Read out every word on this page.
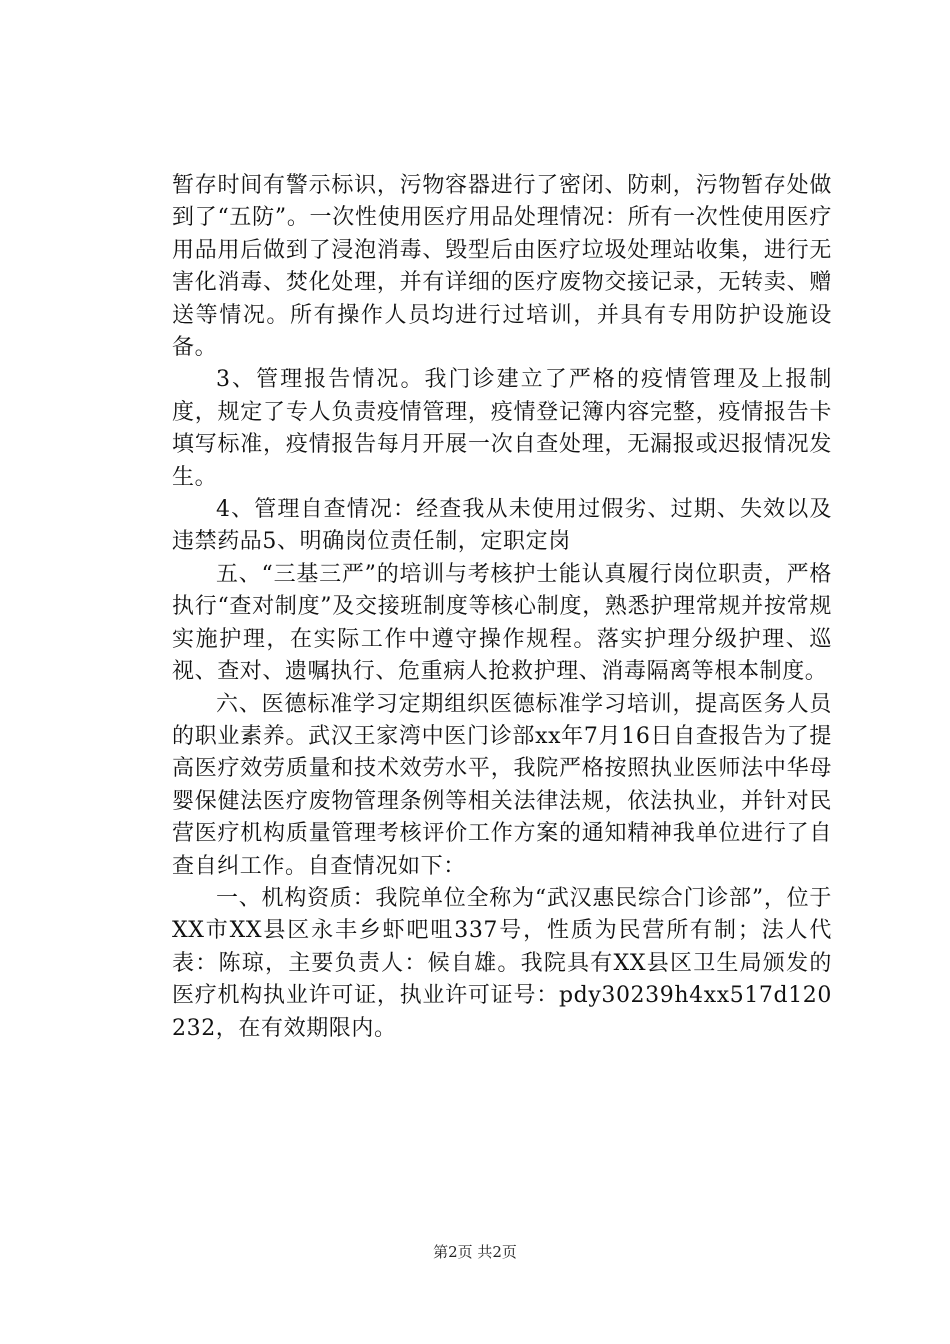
暂存时间有警示标识，污物容器进行了密闭、防刺，污物暂存处做到了“五防”。一次性使用医疗用品处理情况：所有一次性使用医疗用品用后做到了浸泡消毒、毁型后由医疗垃圾处理站收集，进行无害化消毒、焚化处理，并有详细的医疗废物交接记录，无转卖、赠送等情况。所有操作人员均进行过培训，并具有专用防护设施设备。

3、管理报告情况。我门诊建立了严格的疫情管理及上报制度，规定了专人负责疫情管理，疫情登记簿内容完整，疫情报告卡填写标准，疫情报告每月开展一次自查处理，无漏报或迟报情况发生。

4、管理自查情况：经查我从未使用过假劣、过期、失效以及违禁药品5、明确岗位责任制，定职定岗

五、“三基三严”的培训与考核护士能认真履行岗位职责，严格执行“查对制度”及交接班制度等核心制度，熟悉护理常规并按常规实施护理，在实际工作中遵守操作规程。落实护理分级护理、巡视、查对、遗嘱执行、危重病人抢救护理、消毒隔离等根本制度。

六、医德标准学习定期组织医德标准学习培训，提高医务人员的职业素养。武汉王家湾中医门诊部xx年7月16日自查报告为了提高医疗效劳质量和技术效劳水平，我院严格按照执业医师法中华母婴保健法医疗废物管理条例等相关法律法规，依法执业，并针对民营医疗机构质量管理考核评价工作方案的通知精神我单位进行了自查自纠工作。自查情况如下：

一、机构资质：我院单位全称为“武汉惠民综合门诊部”，位于XX市XX县区永丰乡虾吧咀337号，性质为民营所有制；法人代表：陈琼，主要负责人：候自雄。我院具有XX县区卫生局颁发的医疗机构执业许可证，执业许可证号：pdy30239h4xx517d120232，在有效期限内。

第2页 共2页
